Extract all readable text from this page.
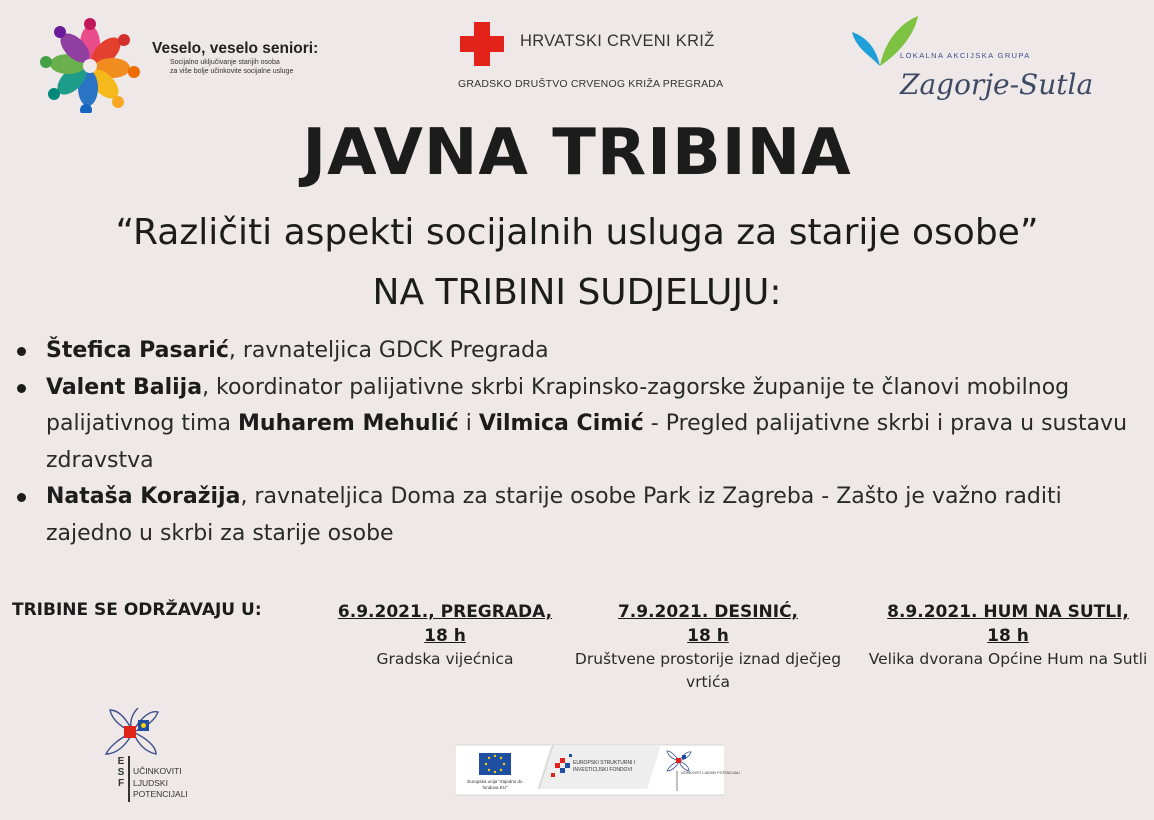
Veselo, veselo seniori:
Socijalno uključivanje starijih osoba
za više bolje učinkovite socijalne usluge
HRVATSKI CRVENI KRIŽ
GRADSKO DRUŠTVO CRVENOG KRIŽA PREGRADA
LOKALNA AKCIJSKA GRUPA
Zagorje-Sutla
JAVNA TRIBINA
“Različiti aspekti socijalnih usluga za starije osobe”
NA TRIBINI SUDJELUJU:
Štefica Pasarić, ravnateljica GDCK Pregrada
Valent Balija, koordinator palijativne skrbi Krapinsko-zagorske županije te članovi mobilnog palijativnog tima Muharem Mehulić i Vilmica Cimić - Pregled palijativne skrbi i prava u sustavu zdravstva
Nataša Koražija, ravnateljica Doma za starije osobe Park iz Zagreba - Zašto je važno raditi zajedno u skrbi za starije osobe
TRIBINE SE ODRŽAVAJU U:	6.9.2021., PREGRADA,
18 h
Gradska vijećnica
7.9.2021. DESINIĆ,
18 h
Društvene prostorije iznad dječjeg vrtića
8.9.2021. HUM NA SUTLI,
18 h
Velika dvorana Općine Hum na Sutli
E
S
F
UČINKOVITI
LJUDSKI
POTENCIJALI
Europska unija "Zajedno do fondova EU"
EUROPSKI STRUKTURNI I INVESTICIJSKI FONDOVI
UČINKOVITI LJUDSKI POTENCIJALI
